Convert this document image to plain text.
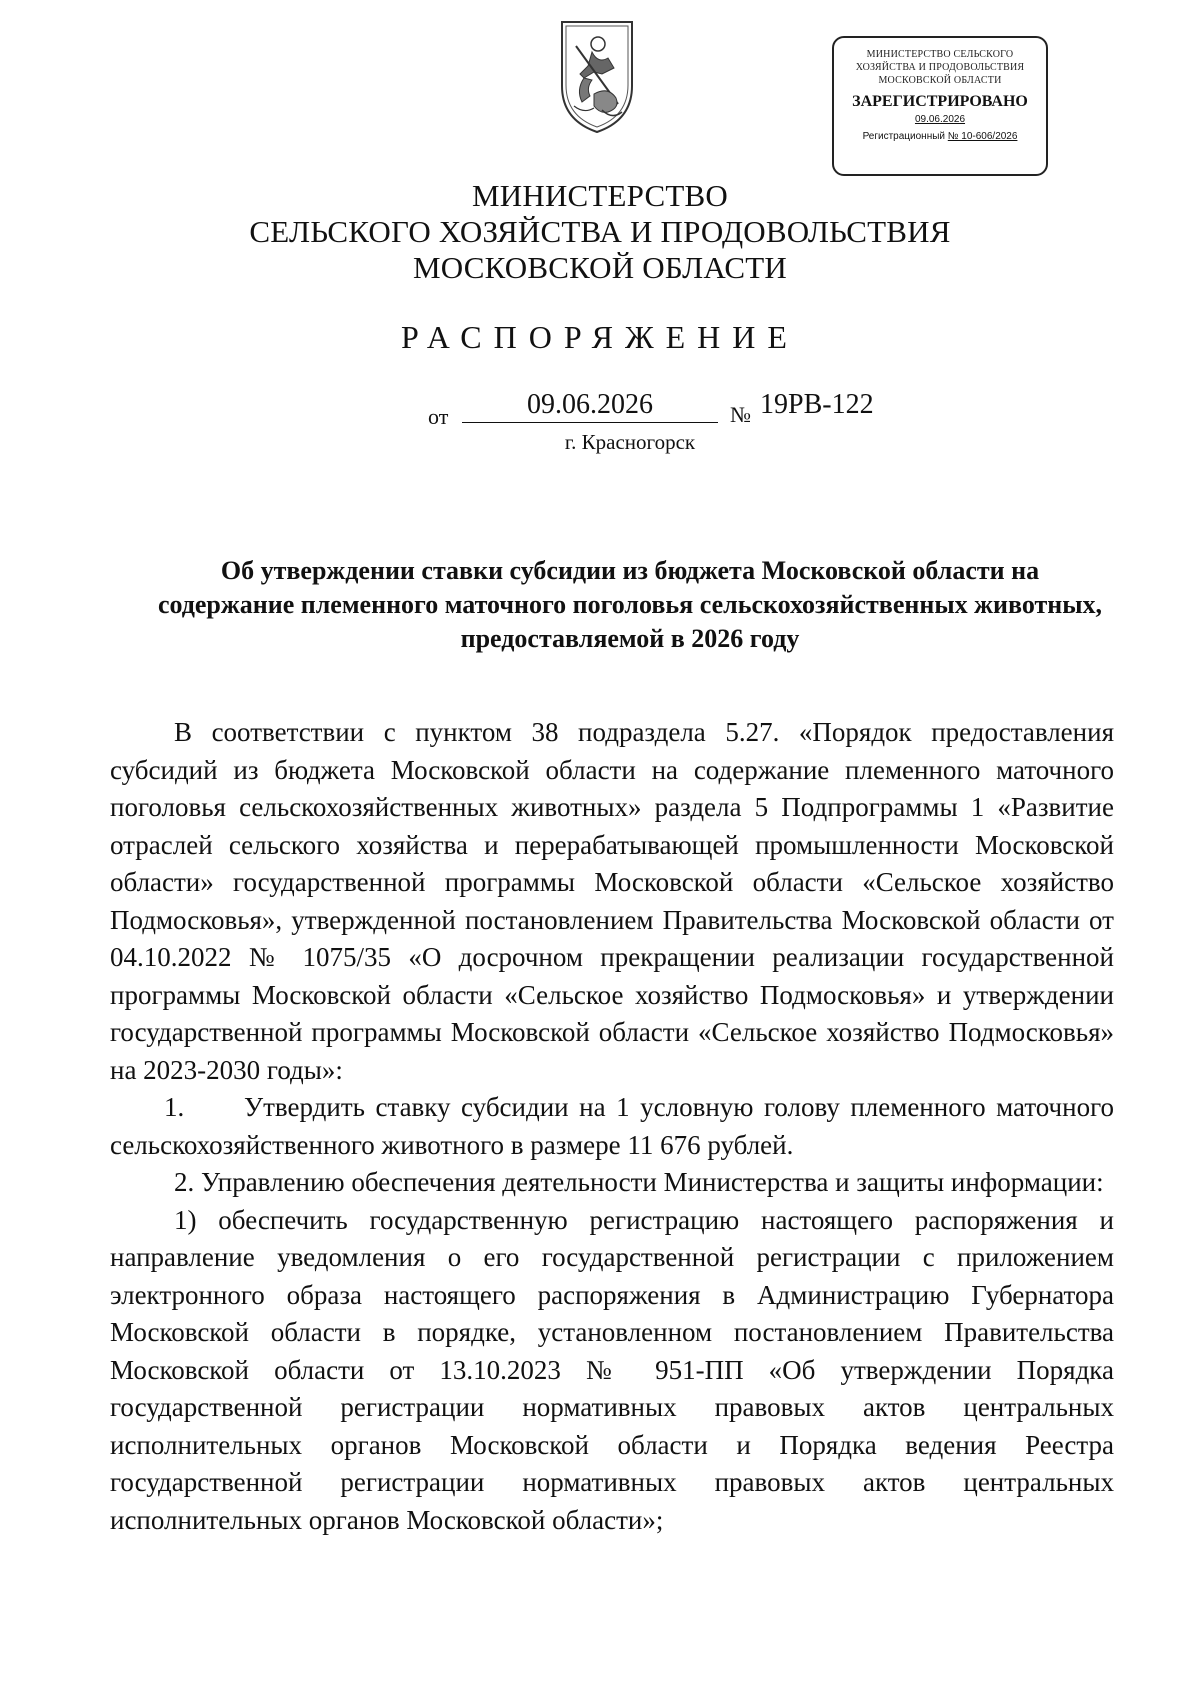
МИНИСТЕРСТВО СЕЛЬСКОГО
ХОЗЯЙСТВА И ПРОДОВОЛЬСТВИЯ
МОСКОВСКОЙ ОБЛАСТИ
ЗАРЕГИСТРИРОВАНО
09.06.2026
Регистрационный № 10-606/2026
МИНИСТЕРСТВО
СЕЛЬСКОГО ХОЗЯЙСТВА И ПРОДОВОЛЬСТВИЯ
МОСКОВСКОЙ ОБЛАСТИ
РАСПОРЯЖЕНИЕ
от	09.06.2026	№ 19РВ-122
г. Красногорск
Об утверждении ставки субсидии из бюджета Московской области на содержание племенного маточного поголовья сельскохозяйственных животных, предоставляемой в 2026 году

В соответствии с пунктом 38 подраздела 5.27. «Порядок предоставления субсидий из бюджета Московской области на содержание племенного маточного поголовья сельскохозяйственных животных» раздела 5 Подпрограммы 1 «Развитие отраслей сельского хозяйства и перерабатывающей промышленности Московской области» государственной программы Московской области «Сельское хозяйство Подмосковья», утвержденной постановлением Правительства Московской области от 04.10.2022 № 1075/35 «О досрочном прекращении реализации государственной программы Московской области «Сельское хозяйство Подмосковья» и утверждении государственной программы Московской области «Сельское хозяйство Подмосковья» на 2023-2030 годы»:

1. Утвердить ставку субсидии на 1 условную голову племенного маточного сельскохозяйственного животного в размере 11 676 рублей.

2. Управлению обеспечения деятельности Министерства и защиты информации:

1) обеспечить государственную регистрацию настоящего распоряжения и направление уведомления о его государственной регистрации с приложением электронного образа настоящего распоряжения в Администрацию Губернатора Московской области в порядке, установленном постановлением Правительства Московской области от 13.10.2023 № 951-ПП «Об утверждении Порядка государственной регистрации нормативных правовых актов центральных исполнительных органов Московской области и Порядка ведения Реестра государственной регистрации нормативных правовых актов центральных исполнительных органов Московской области»;
